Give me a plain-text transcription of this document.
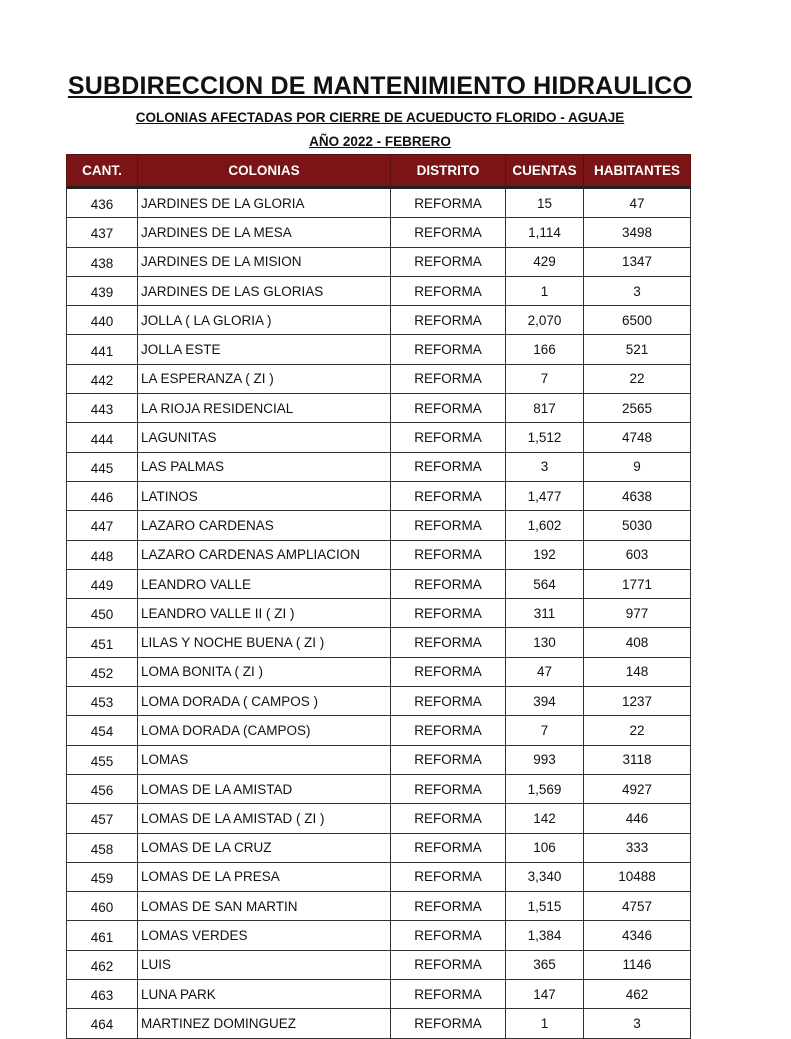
SUBDIRECCION DE MANTENIMIENTO HIDRAULICO
COLONIAS AFECTADAS POR CIERRE DE ACUEDUCTO FLORIDO - AGUAJE
AÑO 2022 - FEBRERO
CANT.	COLONIAS	DISTRITO	CUENTAS	HABITANTES
436	JARDINES DE LA GLORIA	REFORMA	15	47
437	JARDINES DE LA MESA	REFORMA	1,114	3498
438	JARDINES DE LA MISION	REFORMA	429	1347
439	JARDINES DE LAS GLORIAS	REFORMA	1	3
440	JOLLA ( LA GLORIA )	REFORMA	2,070	6500
441	JOLLA ESTE	REFORMA	166	521
442	LA ESPERANZA ( ZI )	REFORMA	7	22
443	LA RIOJA RESIDENCIAL	REFORMA	817	2565
444	LAGUNITAS	REFORMA	1,512	4748
445	LAS PALMAS	REFORMA	3	9
446	LATINOS	REFORMA	1,477	4638
447	LAZARO CARDENAS	REFORMA	1,602	5030
448	LAZARO CARDENAS AMPLIACION	REFORMA	192	603
449	LEANDRO VALLE	REFORMA	564	1771
450	LEANDRO VALLE II ( ZI )	REFORMA	311	977
451	LILAS Y NOCHE BUENA ( ZI )	REFORMA	130	408
452	LOMA BONITA ( ZI )	REFORMA	47	148
453	LOMA DORADA ( CAMPOS )	REFORMA	394	1237
454	LOMA DORADA (CAMPOS)	REFORMA	7	22
455	LOMAS	REFORMA	993	3118
456	LOMAS DE LA AMISTAD	REFORMA	1,569	4927
457	LOMAS DE LA AMISTAD ( ZI )	REFORMA	142	446
458	LOMAS DE LA CRUZ	REFORMA	106	333
459	LOMAS DE LA PRESA	REFORMA	3,340	10488
460	LOMAS DE SAN MARTIN	REFORMA	1,515	4757
461	LOMAS VERDES	REFORMA	1,384	4346
462	LUIS	REFORMA	365	1146
463	LUNA PARK	REFORMA	147	462
464	MARTINEZ DOMINGUEZ	REFORMA	1	3
